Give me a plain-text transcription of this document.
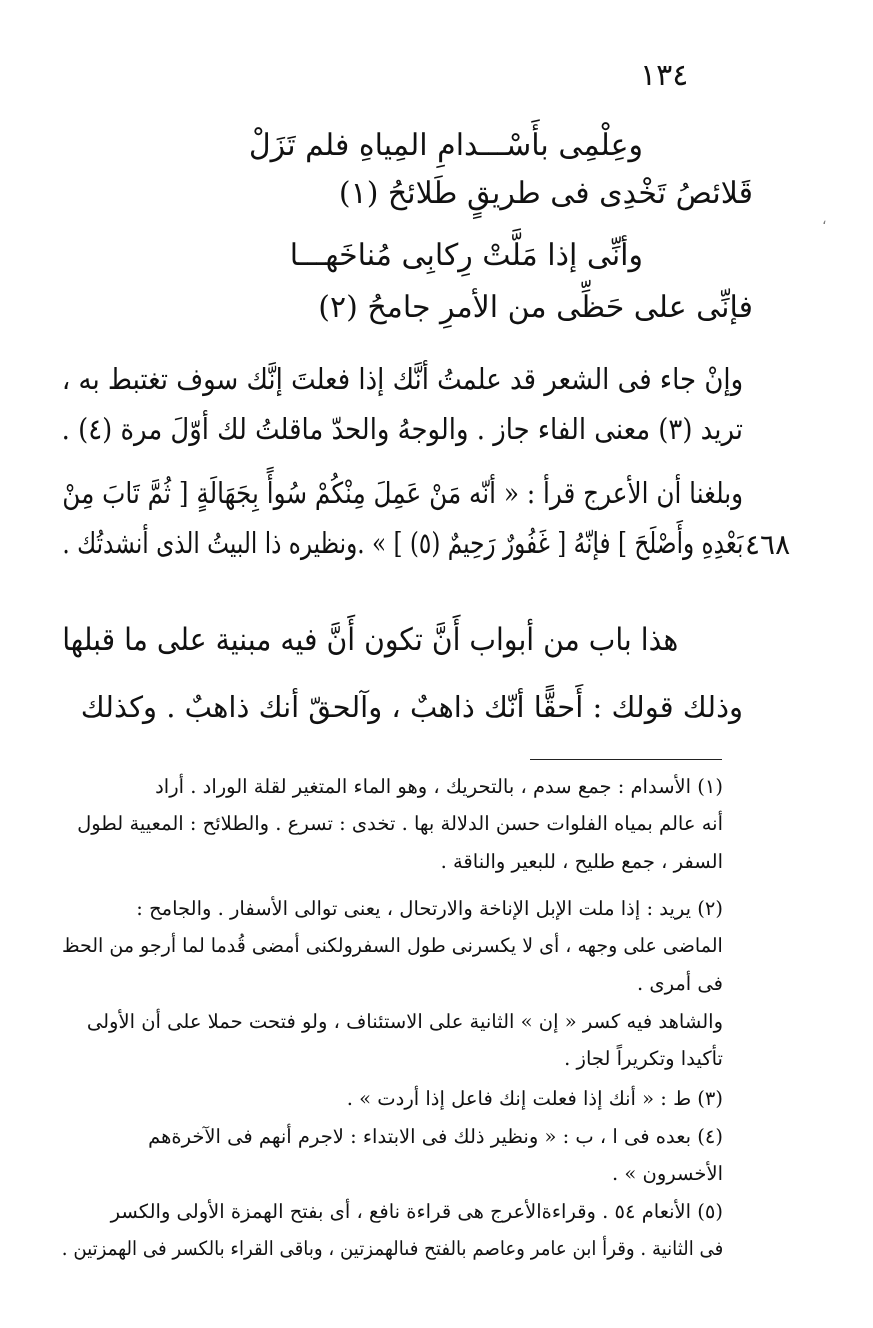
١٣٤
،
وعِلْمِى بأَسْـــدامِ المِياهِ فلم تَزَلْ
قَلائصُ تَخْدِى فى طريقٍ طَلائحُ (١)
وأنِّى إذا مَلَّتْ رِكابِى مُناخَهـــا
فإنِّى على حَظِّى من الأمرِ جامحُ (٢)
وإنْ جاء فى الشعر قد علمتُ أنَّك إذا فعلتَ إنَّك سوف تغتبط به ،
تريد (٣) معنى الفاء جاز . والوجهُ والحدّ ماقلتُ لك أوّلَ مرة (٤) .
وبلغنا أن الأعرج قرأ : « أنّه مَنْ عَمِلَ مِنْكُمْ سُوأً بِجَهَالَةٍ [ ثُمَّ تَابَ مِنْ
بَعْدِهِ وأَصْلَحَ ] فإنّهُ [ غَفُورٌ رَحِيمٌ (٥) ] » .ونظيره ذا البيتُ الذى أنشدتُك . ٤٦٨
هذا باب من أبواب أَنَّ تكون أَنَّ فيه مبنية على ما قبلها
وذلك قولك : أَحقًّا أنّك ذاهبٌ ، وآلحقّ أنك ذاهبٌ . وكذلك
(١) الأسدام : جمع سدم ، بالتحريك ، وهو الماء المتغير لقلة الوراد . أراد
أنه عالم بمياه الفلوات حسن الدلالة بها . تخدى : تسرع . والطلائح : المعيية لطول
السفر ، جمع طليح ، للبعير والناقة .
(٢) يريد : إذا ملت الإبل الإناخة والارتحال ، يعنى توالى الأسفار . والجامح :
الماضى على وجهه ، أى لا يكسرنى طول السفرولكنى أمضى قُدما لما أرجو من الحظ
فى أمرى .
والشاهد فيه كسر « إن » الثانية على الاستئناف ، ولو فتحت حملا على أن الأولى
تأكيدا وتكريراً لجاز .
(٣) ط : « أنك إذا فعلت إنك فاعل إذا أردت » .
(٤) بعده فى ا ، ب : « ونظير ذلك فى الابتداء : لاجرم أنهم فى الآخرةهم
الأخسرون » .
(٥) الأنعام ٥٤ . وقراءةالأعرج هى قراءة نافع ، أى بفتح الهمزة الأولى والكسر
فى الثانية . وقرأ ابن عامر وعاصم بالفتح فىالهمزتين ، وباقى القراء بالكسر فى الهمزتين .
